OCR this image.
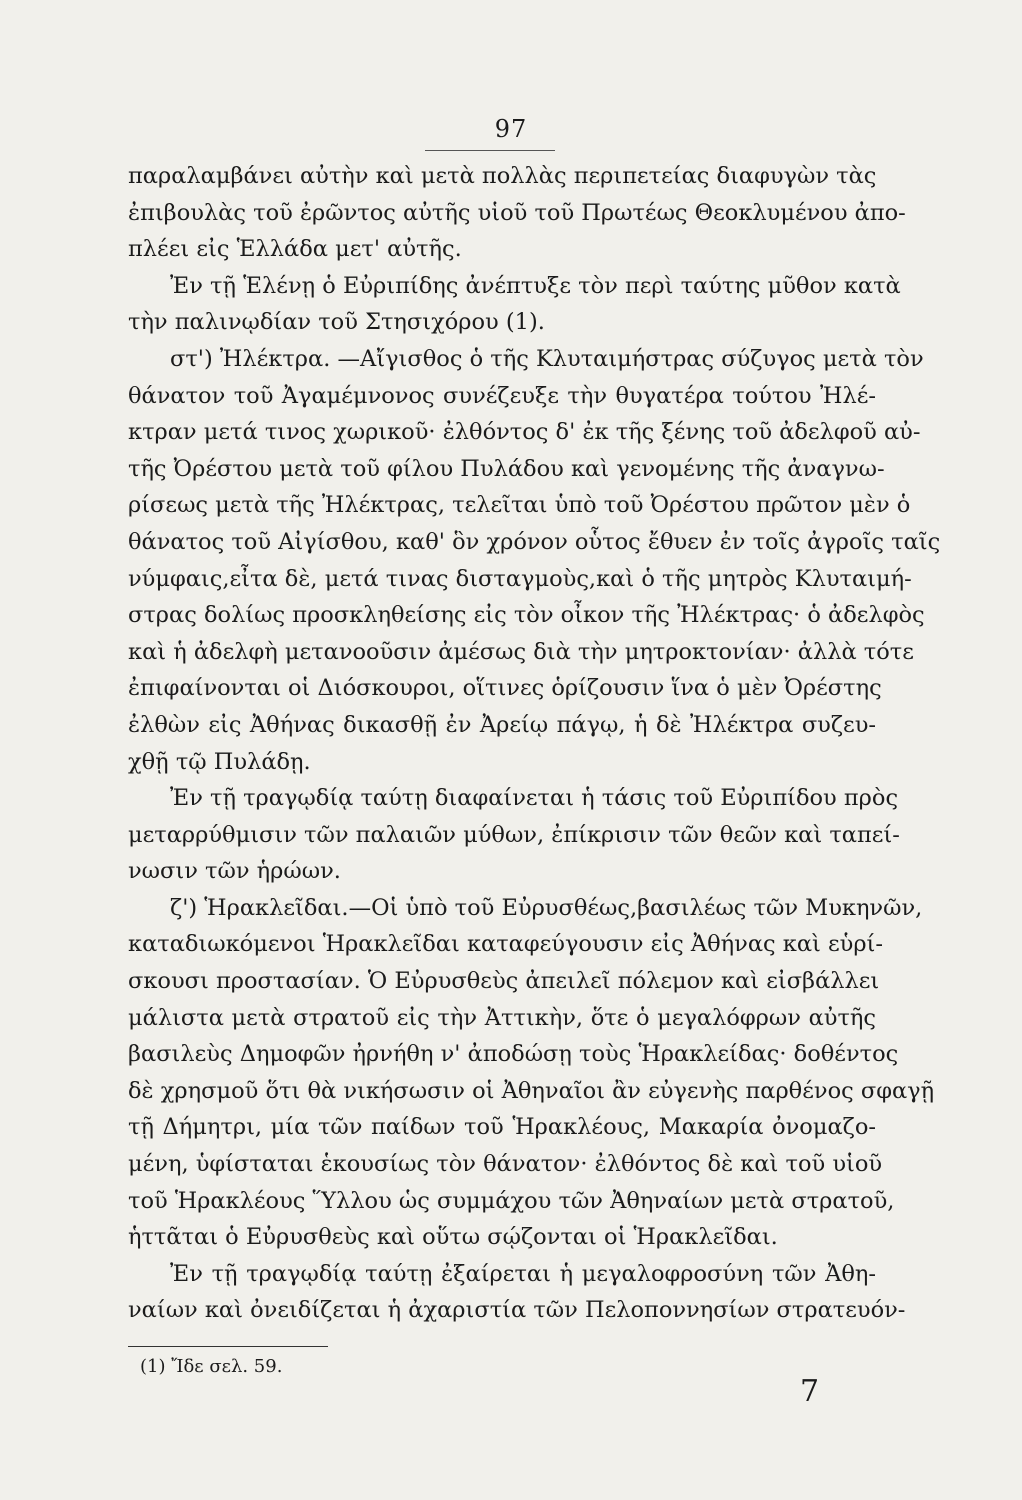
97
παραλαμβάνει αὐτὴν καὶ μετὰ πολλὰς περιπετείας διαφυγὼν τὰς
ἐπιβουλὰς τοῦ ἐρῶντος αὐτῆς υἱοῦ τοῦ Πρωτέως Θεοκλυμένου ἀπο-
πλέει εἰς Ἑλλάδα μετ' αὐτῆς.
Ἐν τῇ Ἑλένῃ ὁ Εὐριπίδης ἀνέπτυξε τὸν περὶ ταύτης μῦθον κατὰ
τὴν παλινῳδίαν τοῦ Στησιχόρου (1).
στ') Ἠλέκτρα. —Αἴγισθος ὁ τῆς Κλυταιμήστρας σύζυγος μετὰ τὸν
θάνατον τοῦ Ἀγαμέμνονος συνέζευξε τὴν θυγατέρα τούτου Ἠλέ-
κτραν μετά τινος χωρικοῦ· ἐλθόντος δ' ἐκ τῆς ξένης τοῦ ἀδελφοῦ αὐ-
τῆς Ὀρέστου μετὰ τοῦ φίλου Πυλάδου καὶ γενομένης τῆς ἀναγνω-
ρίσεως μετὰ τῆς Ἠλέκτρας, τελεῖται ὑπὸ τοῦ Ὀρέστου πρῶτον μὲν ὁ
θάνατος τοῦ Αἰγίσθου, καθ' ὃν χρόνον οὗτος ἔθυεν ἐν τοῖς ἀγροῖς ταῖς
νύμφαις,εἶτα δὲ, μετά τινας δισταγμοὺς,καὶ ὁ τῆς μητρὸς Κλυταιμή-
στρας δολίως προσκληθείσης εἰς τὸν οἶκον τῆς Ἠλέκτρας· ὁ ἀδελφὸς
καὶ ἡ ἀδελφὴ μετανοοῦσιν ἀμέσως διὰ τὴν μητροκτονίαν· ἀλλὰ τότε
ἐπιφαίνονται οἱ Διόσκουροι, οἵτινες ὁρίζουσιν ἵνα ὁ μὲν Ὀρέστης
ἐλθὼν εἰς Ἀθήνας δικασθῇ ἐν Ἀρείῳ πάγῳ, ἡ δὲ Ἠλέκτρα συζευ-
χθῇ τῷ Πυλάδῃ.
Ἐν τῇ τραγῳδίᾳ ταύτῃ διαφαίνεται ἡ τάσις τοῦ Εὐριπίδου πρὸς
μεταρρύθμισιν τῶν παλαιῶν μύθων, ἐπίκρισιν τῶν θεῶν καὶ ταπεί-
νωσιν τῶν ἡρώων.
ζ') Ἡρακλεῖδαι.—Οἱ ὑπὸ τοῦ Εὐρυσθέως,βασιλέως τῶν Μυκηνῶν,
καταδιωκόμενοι Ἡρακλεῖδαι καταφεύγουσιν εἰς Ἀθήνας καὶ εὑρί-
σκουσι προστασίαν. Ὁ Εὐρυσθεὺς ἀπειλεῖ πόλεμον καὶ εἰσβάλλει
μάλιστα μετὰ στρατοῦ εἰς τὴν Ἀττικὴν, ὅτε ὁ μεγαλόφρων αὐτῆς
βασιλεὺς Δημοφῶν ἠρνήθη ν' ἀποδώσῃ τοὺς Ἡρακλείδας· δοθέντος
δὲ χρησμοῦ ὅτι θὰ νικήσωσιν οἱ Ἀθηναῖοι ἂν εὐγενὴς παρθένος σφαγῇ
τῇ Δήμητρι, μία τῶν παίδων τοῦ Ἡρακλέους, Μακαρία ὀνομαζο-
μένη, ὑφίσταται ἑκουσίως τὸν θάνατον· ἐλθόντος δὲ καὶ τοῦ υἱοῦ
τοῦ Ἡρακλέους Ὕλλου ὡς συμμάχου τῶν Ἀθηναίων μετὰ στρατοῦ,
ἡττᾶται ὁ Εὐρυσθεὺς καὶ οὕτω σῴζονται οἱ Ἡρακλεῖδαι.
Ἐν τῇ τραγῳδίᾳ ταύτῃ ἐξαίρεται ἡ μεγαλοφροσύνη τῶν Ἀθη-
ναίων καὶ ὀνειδίζεται ἡ ἀχαριστία τῶν Πελοποννησίων στρατευόν-
(1) Ἴδε σελ. 59.
7
